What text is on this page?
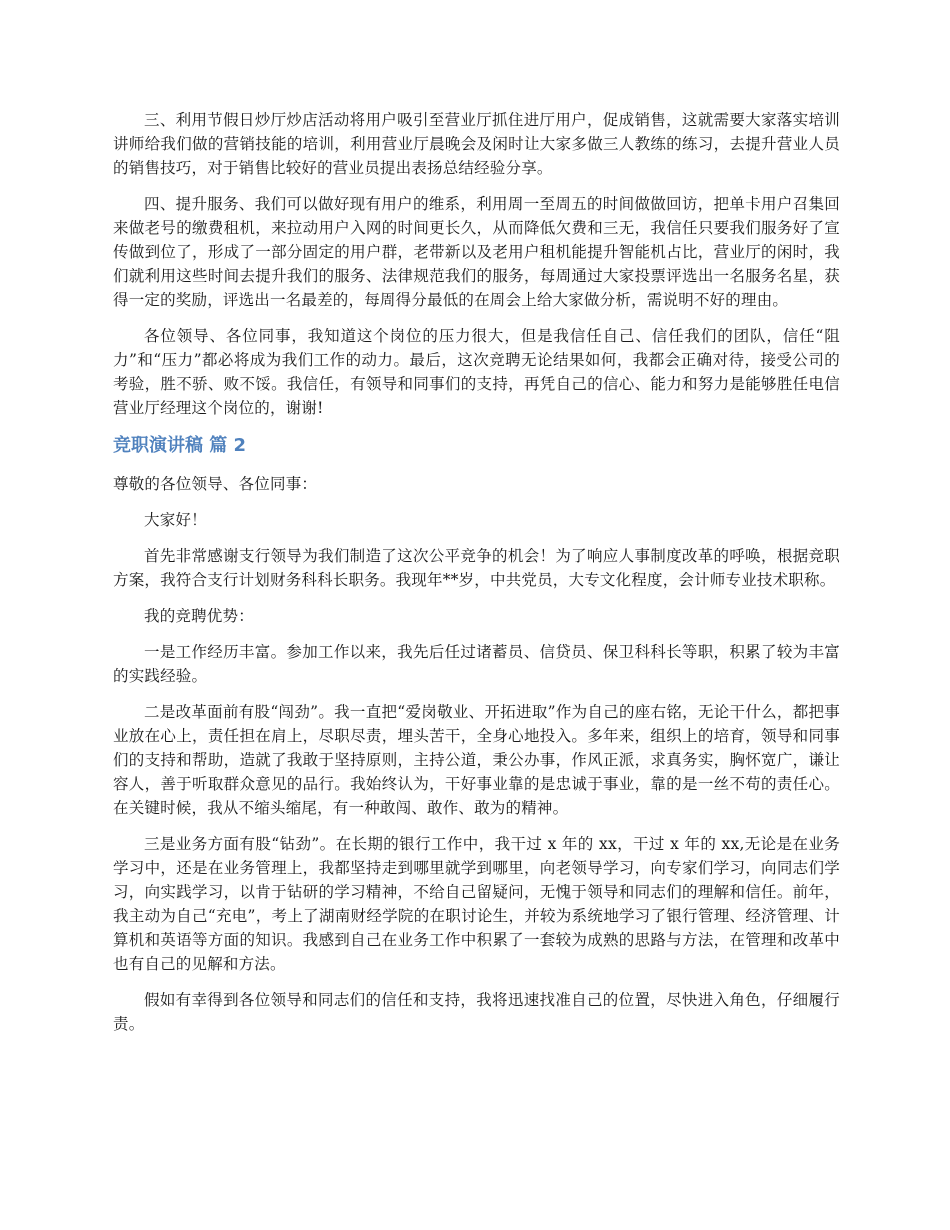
三、利用节假日炒厅炒店活动将用户吸引至营业厅抓住进厅用户，促成销售，这就需要大家落实培训讲师给我们做的营销技能的培训，利用营业厅晨晚会及闲时让大家多做三人教练的练习，去提升营业人员的销售技巧，对于销售比较好的营业员提出表扬总结经验分享。

四、提升服务、我们可以做好现有用户的维系，利用周一至周五的时间做做回访，把单卡用户召集回来做老号的缴费租机，来拉动用户入网的时间更长久，从而降低欠费和三无，我信任只要我们服务好了宣传做到位了，形成了一部分固定的用户群，老带新以及老用户租机能提升智能机占比，营业厅的闲时，我们就利用这些时间去提升我们的服务、法律规范我们的服务，每周通过大家投票评选出一名服务名星，获得一定的奖励，评选出一名最差的，每周得分最低的在周会上给大家做分析，需说明不好的理由。

各位领导、各位同事，我知道这个岗位的压力很大，但是我信任自己、信任我们的团队，信任“阻力”和“压力”都必将成为我们工作的动力。最后，这次竞聘无论结果如何，我都会正确对待，接受公司的考验，胜不骄、败不馁。我信任，有领导和同事们的支持，再凭自己的信心、能力和努力是能够胜任电信营业厅经理这个岗位的，谢谢!

竞职演讲稿 篇 2

尊敬的各位领导、各位同事：

大家好！

首先非常感谢支行领导为我们制造了这次公平竞争的机会！为了响应人事制度改革的呼唤，根据竞职方案，我符合支行计划财务科科长职务。我现年**岁，中共党员，大专文化程度，会计师专业技术职称。

我的竞聘优势：

一是工作经历丰富。参加工作以来，我先后任过诸蓄员、信贷员、保卫科科长等职，积累了较为丰富的实践经验。

二是改革面前有股“闯劲”。我一直把“爱岗敬业、开拓进取”作为自己的座右铭，无论干什么，都把事业放在心上，责任担在肩上，尽职尽责，埋头苦干，全身心地投入。多年来，组织上的培育，领导和同事们的支持和帮助，造就了我敢于坚持原则，主持公道，秉公办事，作风正派，求真务实，胸怀宽广，谦让容人，善于听取群众意见的品行。我始终认为，干好事业靠的是忠诚于事业，靠的是一丝不苟的责任心。在关键时候，我从不缩头缩尾，有一种敢闯、敢作、敢为的精神。

三是业务方面有股“钻劲”。在长期的银行工作中，我干过 x 年的 xx，干过 x 年的 xx,无论是在业务学习中，还是在业务管理上，我都坚持走到哪里就学到哪里，向老领导学习，向专家们学习，向同志们学习，向实践学习，以肯于钻研的学习精神，不给自己留疑问，无愧于领导和同志们的理解和信任。前年，我主动为自己“充电”，考上了湖南财经学院的在职讨论生，并较为系统地学习了银行管理、经济管理、计算机和英语等方面的知识。我感到自己在业务工作中积累了一套较为成熟的思路与方法，在管理和改革中也有自己的见解和方法。

假如有幸得到各位领导和同志们的信任和支持，我将迅速找准自己的位置，尽快进入角色，仔细履行责。
